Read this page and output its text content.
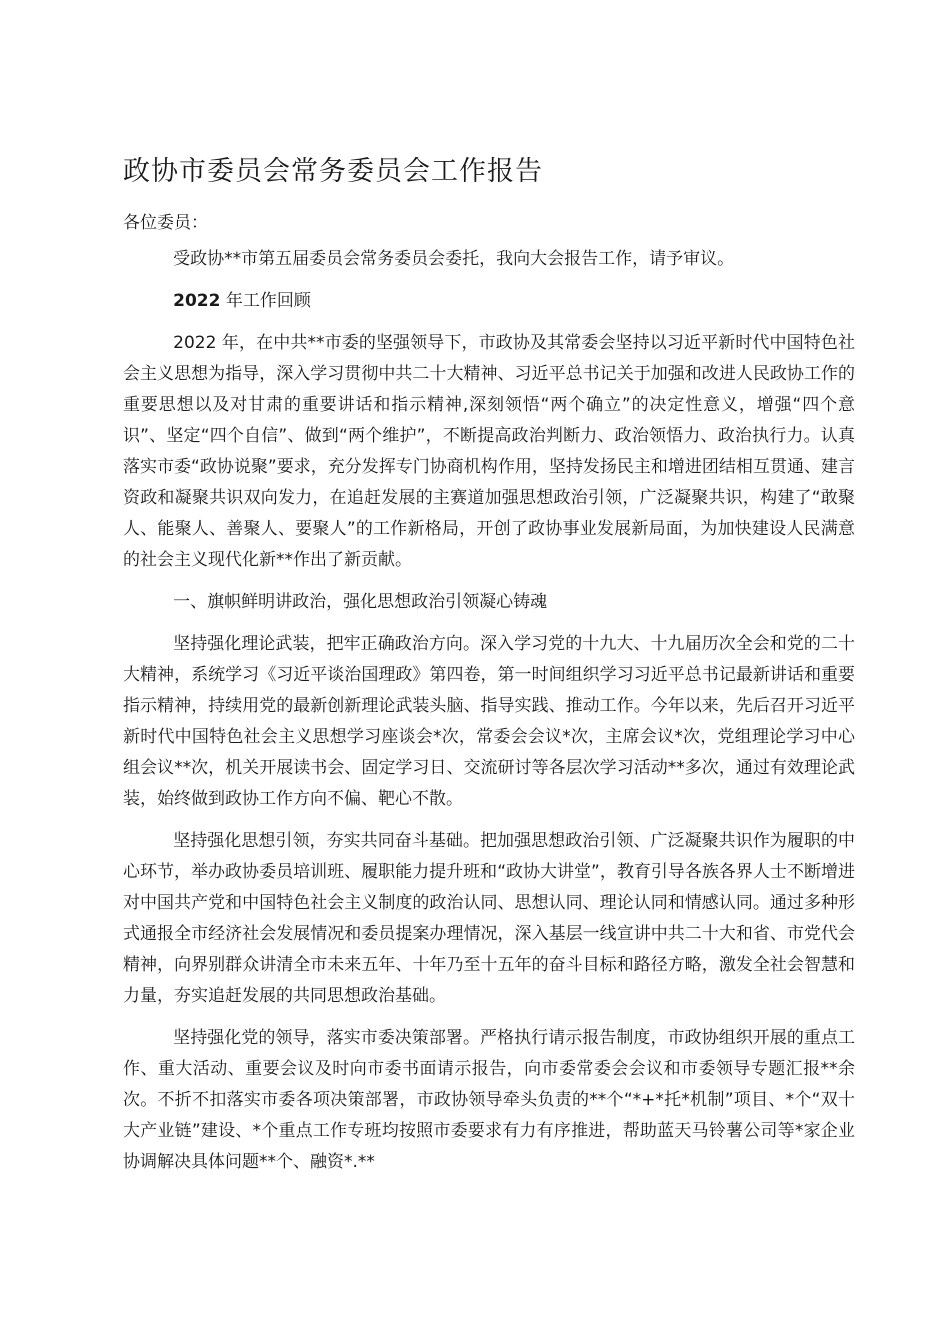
政协市委员会常务委员会工作报告
各位委员：

受政协**市第五届委员会常务委员会委托，我向大会报告工作，请予审议。

2022 年工作回顾

2022 年，在中共**市委的坚强领导下，市政协及其常委会坚持以习近平新时代中国特色社会主义思想为指导，深入学习贯彻中共二十大精神、习近平总书记关于加强和改进人民政协工作的重要思想以及对甘肃的重要讲话和指示精神,深刻领悟“两个确立”的决定性意义，增强“四个意识”、坚定“四个自信”、做到“两个维护”，不断提高政治判断力、政治领悟力、政治执行力。认真落实市委“政协说聚”要求，充分发挥专门协商机构作用，坚持发扬民主和增进团结相互贯通、建言资政和凝聚共识双向发力，在追赶发展的主赛道加强思想政治引领，广泛凝聚共识，构建了“敢聚人、能聚人、善聚人、要聚人”的工作新格局，开创了政协事业发展新局面，为加快建设人民满意的社会主义现代化新**作出了新贡献。

一、旗帜鲜明讲政治，强化思想政治引领凝心铸魂

坚持强化理论武装，把牢正确政治方向。深入学习党的十九大、十九届历次全会和党的二十大精神，系统学习《习近平谈治国理政》第四卷，第一时间组织学习习近平总书记最新讲话和重要指示精神，持续用党的最新创新理论武装头脑、指导实践、推动工作。今年以来，先后召开习近平新时代中国特色社会主义思想学习座谈会*次，常委会会议*次，主席会议*次，党组理论学习中心组会议**次，机关开展读书会、固定学习日、交流研讨等各层次学习活动**多次，通过有效理论武装，始终做到政协工作方向不偏、靶心不散。

坚持强化思想引领，夯实共同奋斗基础。把加强思想政治引领、广泛凝聚共识作为履职的中心环节，举办政协委员培训班、履职能力提升班和“政协大讲堂”，教育引导各族各界人士不断增进对中国共产党和中国特色社会主义制度的政治认同、思想认同、理论认同和情感认同。通过多种形式通报全市经济社会发展情况和委员提案办理情况，深入基层一线宣讲中共二十大和省、市党代会精神，向界别群众讲清全市未来五年、十年乃至十五年的奋斗目标和路径方略，激发全社会智慧和力量，夯实追赶发展的共同思想政治基础。

坚持强化党的领导，落实市委决策部署。严格执行请示报告制度，市政协组织开展的重点工作、重大活动、重要会议及时向市委书面请示报告，向市委常委会会议和市委领导专题汇报**余次。不折不扣落实市委各项决策部署，市政协领导牵头负责的**个“*+*托*机制”项目、*个“双十大产业链”建设、*个重点工作专班均按照市委要求有力有序推进，帮助蓝天马铃薯公司等*家企业协调解决具体问题**个、融资*.**
